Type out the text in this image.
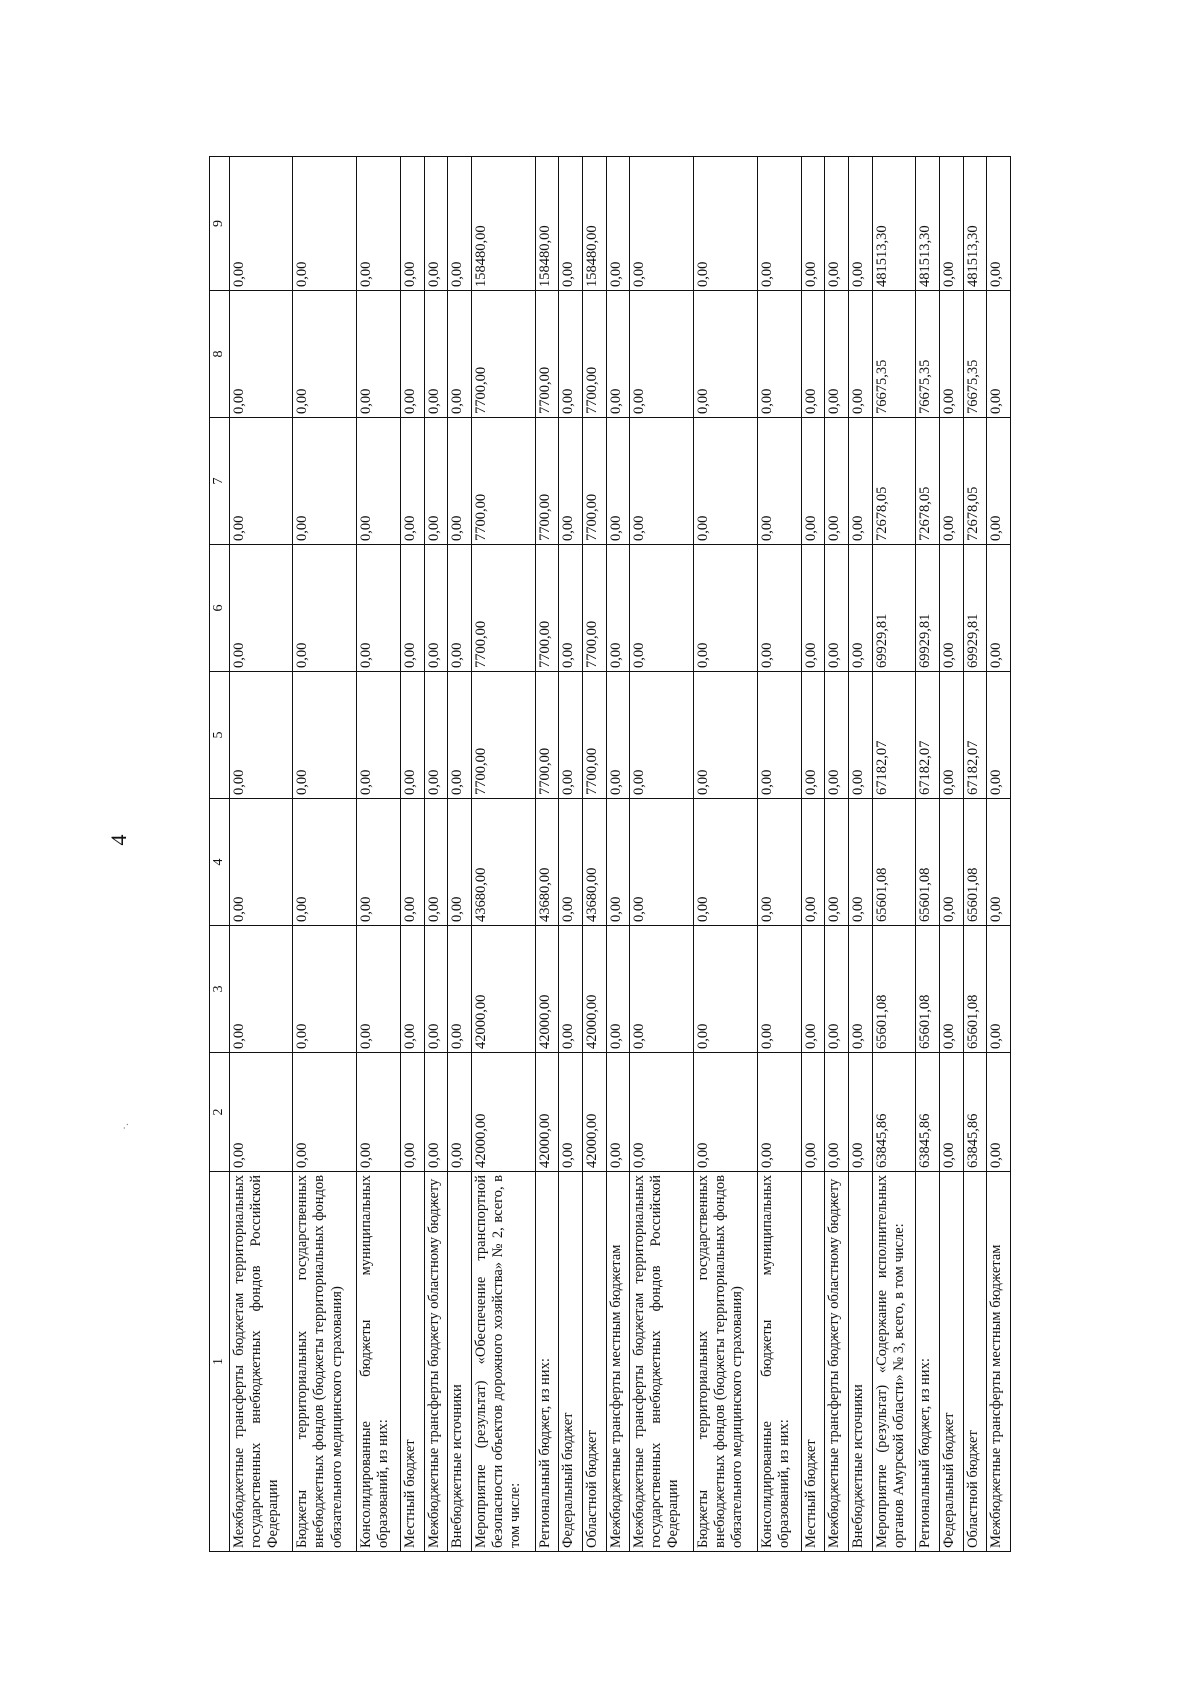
4
·.
1	2	3	4	5	6	7	8	9
Межбюджетные трансферты бюджетам территориальных государственных внебюджетных фондов Российской Федерации	0,00	0,00	0,00	0,00	0,00	0,00	0,00	0,00
Бюджеты территориальных государственных внебюджетных фондов (бюджеты территориальных фондов обязательного медицинского страхования)	0,00	0,00	0,00	0,00	0,00	0,00	0,00	0,00
Консолидированные бюджеты муниципальных образований, из них:	0,00	0,00	0,00	0,00	0,00	0,00	0,00	0,00
Местный бюджет	0,00	0,00	0,00	0,00	0,00	0,00	0,00	0,00
Межбюджетные трансферты бюджету областному бюджету	0,00	0,00	0,00	0,00	0,00	0,00	0,00	0,00
Внебюджетные источники	0,00	0,00	0,00	0,00	0,00	0,00	0,00	0,00
Мероприятие (результат) «Обеспечение транспортной безопасности объектов дорожного хозяйства» № 2, всего, в том числе:	42000,00	42000,00	43680,00	7700,00	7700,00	7700,00	7700,00	158480,00
Региональный бюджет, из них:	42000,00	42000,00	43680,00	7700,00	7700,00	7700,00	7700,00	158480,00
Федеральный бюджет	0,00	0,00	0,00	0,00	0,00	0,00	0,00	0,00
Областной бюджет	42000,00	42000,00	43680,00	7700,00	7700,00	7700,00	7700,00	158480,00
Межбюджетные трансферты местным бюджетам	0,00	0,00	0,00	0,00	0,00	0,00	0,00	0,00
Межбюджетные трансферты бюджетам территориальных государственных внебюджетных фондов Российской Федерации	0,00	0,00	0,00	0,00	0,00	0,00	0,00	0,00
Бюджеты территориальных государственных внебюджетных фондов (бюджеты территориальных фондов обязательного медицинского страхования)	0,00	0,00	0,00	0,00	0,00	0,00	0,00	0,00
Консолидированные бюджеты муниципальных образований, из них:	0,00	0,00	0,00	0,00	0,00	0,00	0,00	0,00
Местный бюджет	0,00	0,00	0,00	0,00	0,00	0,00	0,00	0,00
Межбюджетные трансферты бюджету областному бюджету	0,00	0,00	0,00	0,00	0,00	0,00	0,00	0,00
Внебюджетные источники	0,00	0,00	0,00	0,00	0,00	0,00	0,00	0,00
Мероприятие (результат) «Содержание исполнительных органов Амурской области» № 3, всего, в том числе:	63845,86	65601,08	65601,08	67182,07	69929,81	72678,05	76675,35	481513,30
Региональный бюджет, из них:	63845,86	65601,08	65601,08	67182,07	69929,81	72678,05	76675,35	481513,30
Федеральный бюджет	0,00	0,00	0,00	0,00	0,00	0,00	0,00	0,00
Областной бюджет	63845,86	65601,08	65601,08	67182,07	69929,81	72678,05	76675,35	481513,30
Межбюджетные трансферты местным бюджетам	0,00	0,00	0,00	0,00	0,00	0,00	0,00	0,00
